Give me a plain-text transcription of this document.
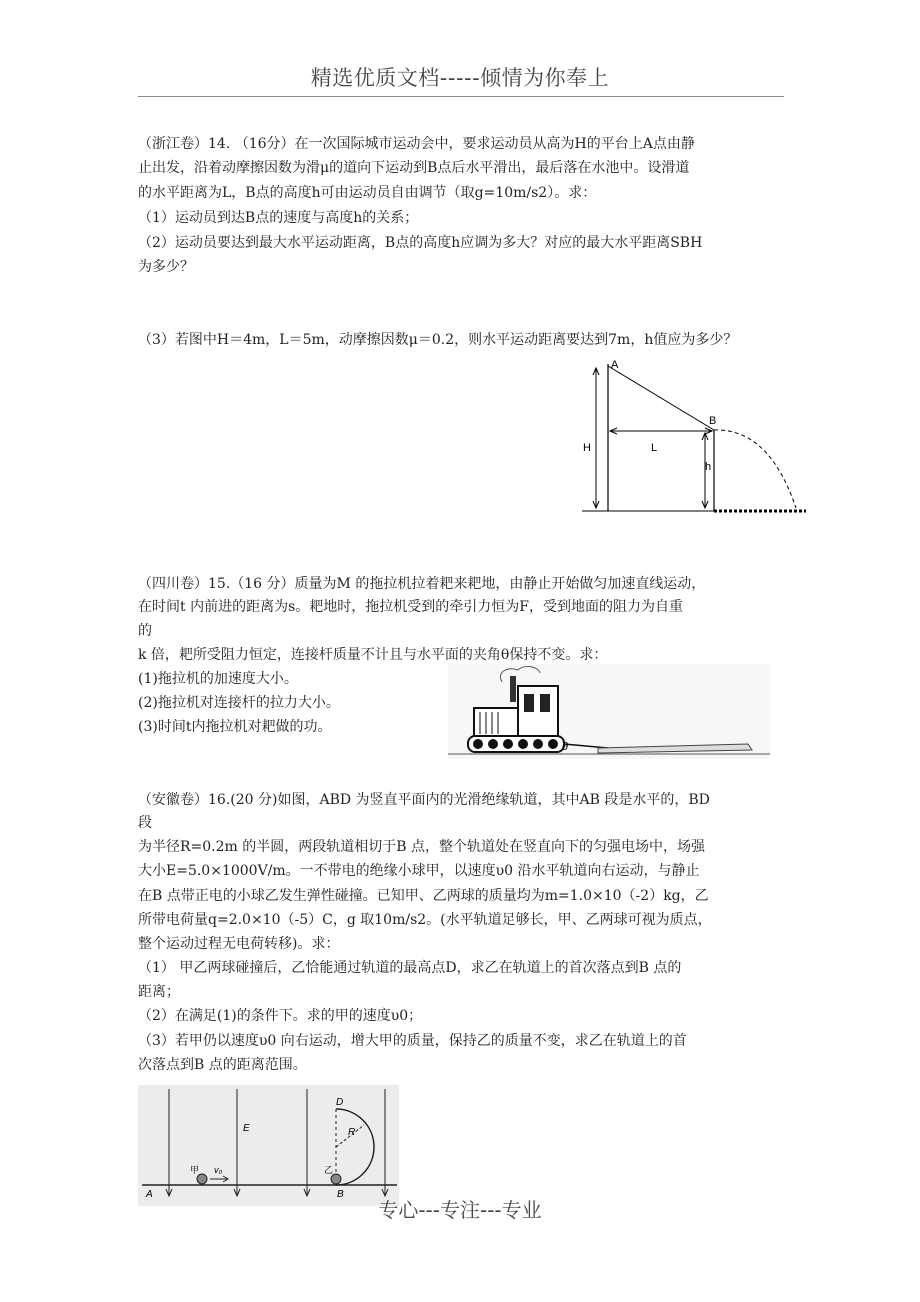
精选优质文档-----倾情为你奉上
（浙江卷）14. （16分）在一次国际城市运动会中，要求运动员从高为H的平台上A点由静
止出发，沿着动摩擦因数为滑μ的道向下运动到B点后水平滑出，最后落在水池中。设滑道
的水平距离为L，B点的高度h可由运动员自由调节（取g=10m/s2）。求：
（1）运动员到达B点的速度与高度h的关系；
（2）运动员要达到最大水平运动距离，B点的高度h应调为多大？对应的最大水平距离SBH
为多少？
（3）若图中H＝4m，L＝5m，动摩擦因数μ＝0.2，则水平运动距离要达到7m，h值应为多少？
A
B
H	L
h
（四川卷）15.（16 分）质量为M 的拖拉机拉着耙来耙地，由静止开始做匀加速直线运动，
在时间t 内前进的距离为s。耙地时，拖拉机受到的牵引力恒为F，受到地面的阻力为自重
的
k 倍，耙所受阻力恒定，连接杆质量不计且与水平面的夹角θ保持不变。求：
(1)拖拉机的加速度大小。
(2)拖拉机对连接杆的拉力大小。
(3)时间t内拖拉机对耙做的功。
θ
（安徽卷）16.(20 分)如图，ABD 为竖直平面内的光滑绝缘轨道，其中AB 段是水平的，BD
段
为半径R=0.2m 的半圆，两段轨道相切于B 点，整个轨道处在竖直向下的匀强电场中，场强
大小E=5.0×1000V/m。一不带电的绝缘小球甲，以速度υ0 沿水平轨道向右运动，与静止
在B 点带正电的小球乙发生弹性碰撞。已知甲、乙两球的质量均为m=1.0×10（-2）kg，乙
所带电荷量q=2.0×10（-5）C，g 取10m/s2。(水平轨道足够长，甲、乙两球可视为质点，
整个运动过程无电荷转移)。求：
（1） 甲乙两球碰撞后，乙恰能通过轨道的最高点D，求乙在轨道上的首次落点到B 点的
距离；
（2）在满足(1)的条件下。求的甲的速度υ0；
（3）若甲仍以速度υ0 向右运动，增大甲的质量，保持乙的质量不变，求乙在轨道上的首
次落点到B 点的距离范围。
A	B
D
E	R
甲 v₀	乙
专心---专注---专业
